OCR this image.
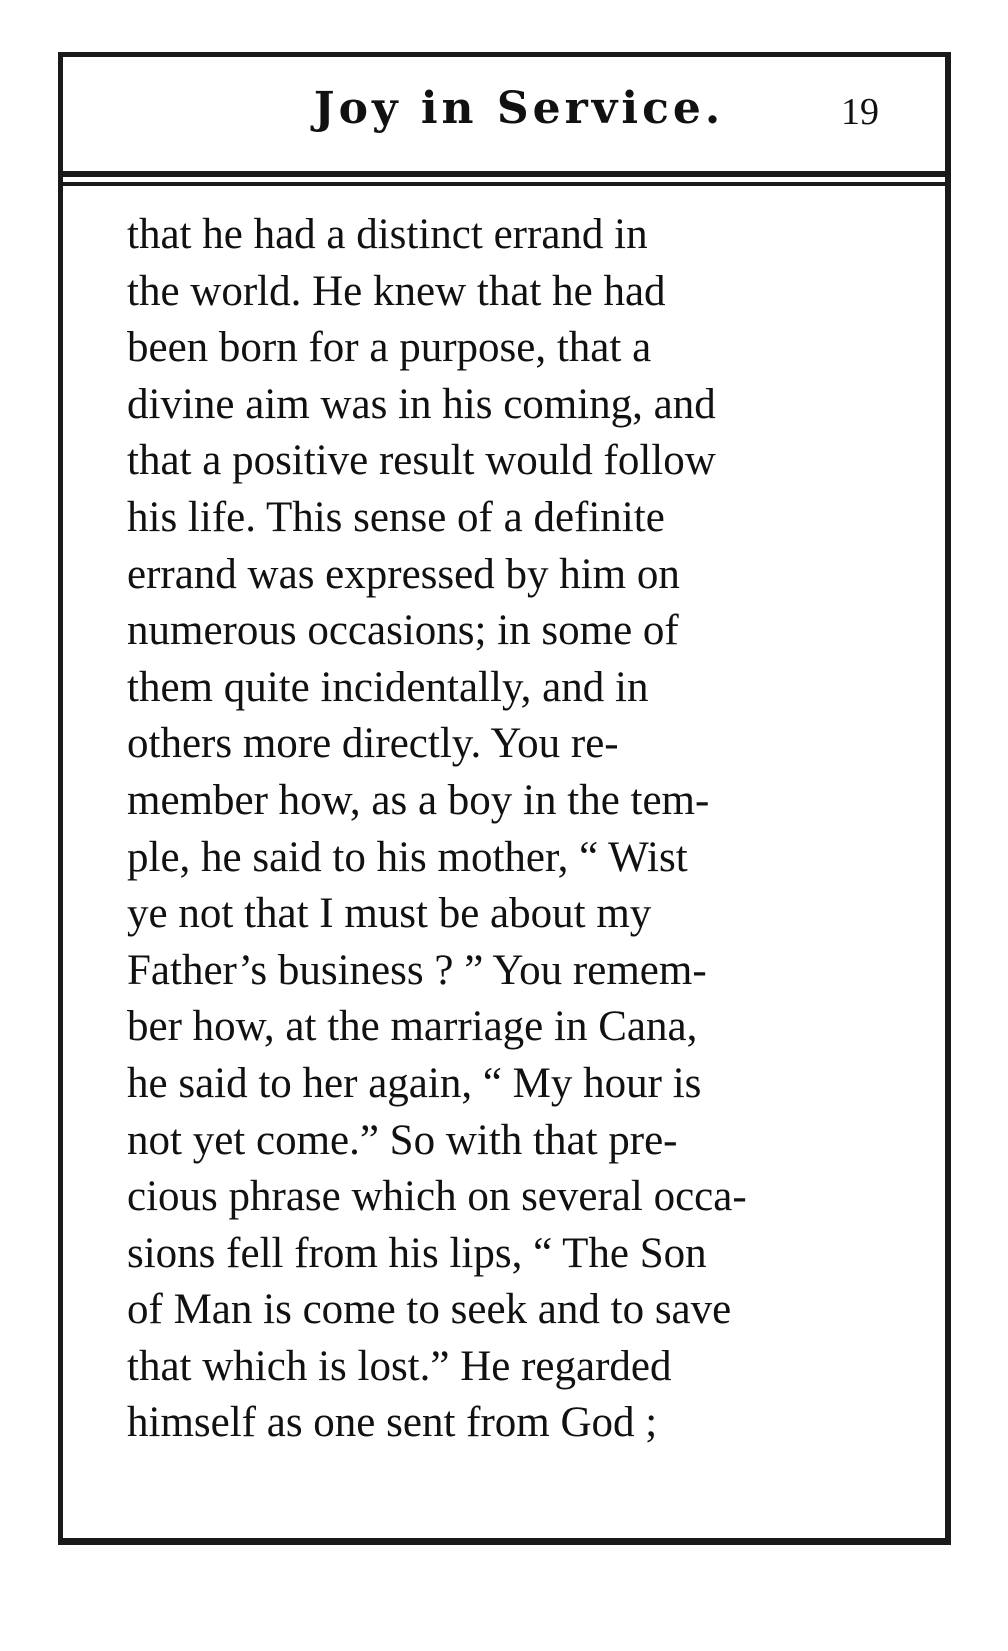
Joy in Service.	19
that he had a distinct errand in
the world. He knew that he had
been born for a purpose, that a
divine aim was in his coming, and
that a positive result would follow
his life. This sense of a definite
errand was expressed by him on
numerous occasions; in some of
them quite incidentally, and in
others more directly. You re-
member how, as a boy in the tem-
ple, he said to his mother, “ Wist
ye not that I must be about my
Father’s business ? ” You remem-
ber how, at the marriage in Cana,
he said to her again, “ My hour is
not yet come.” So with that pre-
cious phrase which on several occa-
sions fell from his lips, “ The Son
of Man is come to seek and to save
that which is lost.” He regarded
himself as one sent from God ;
